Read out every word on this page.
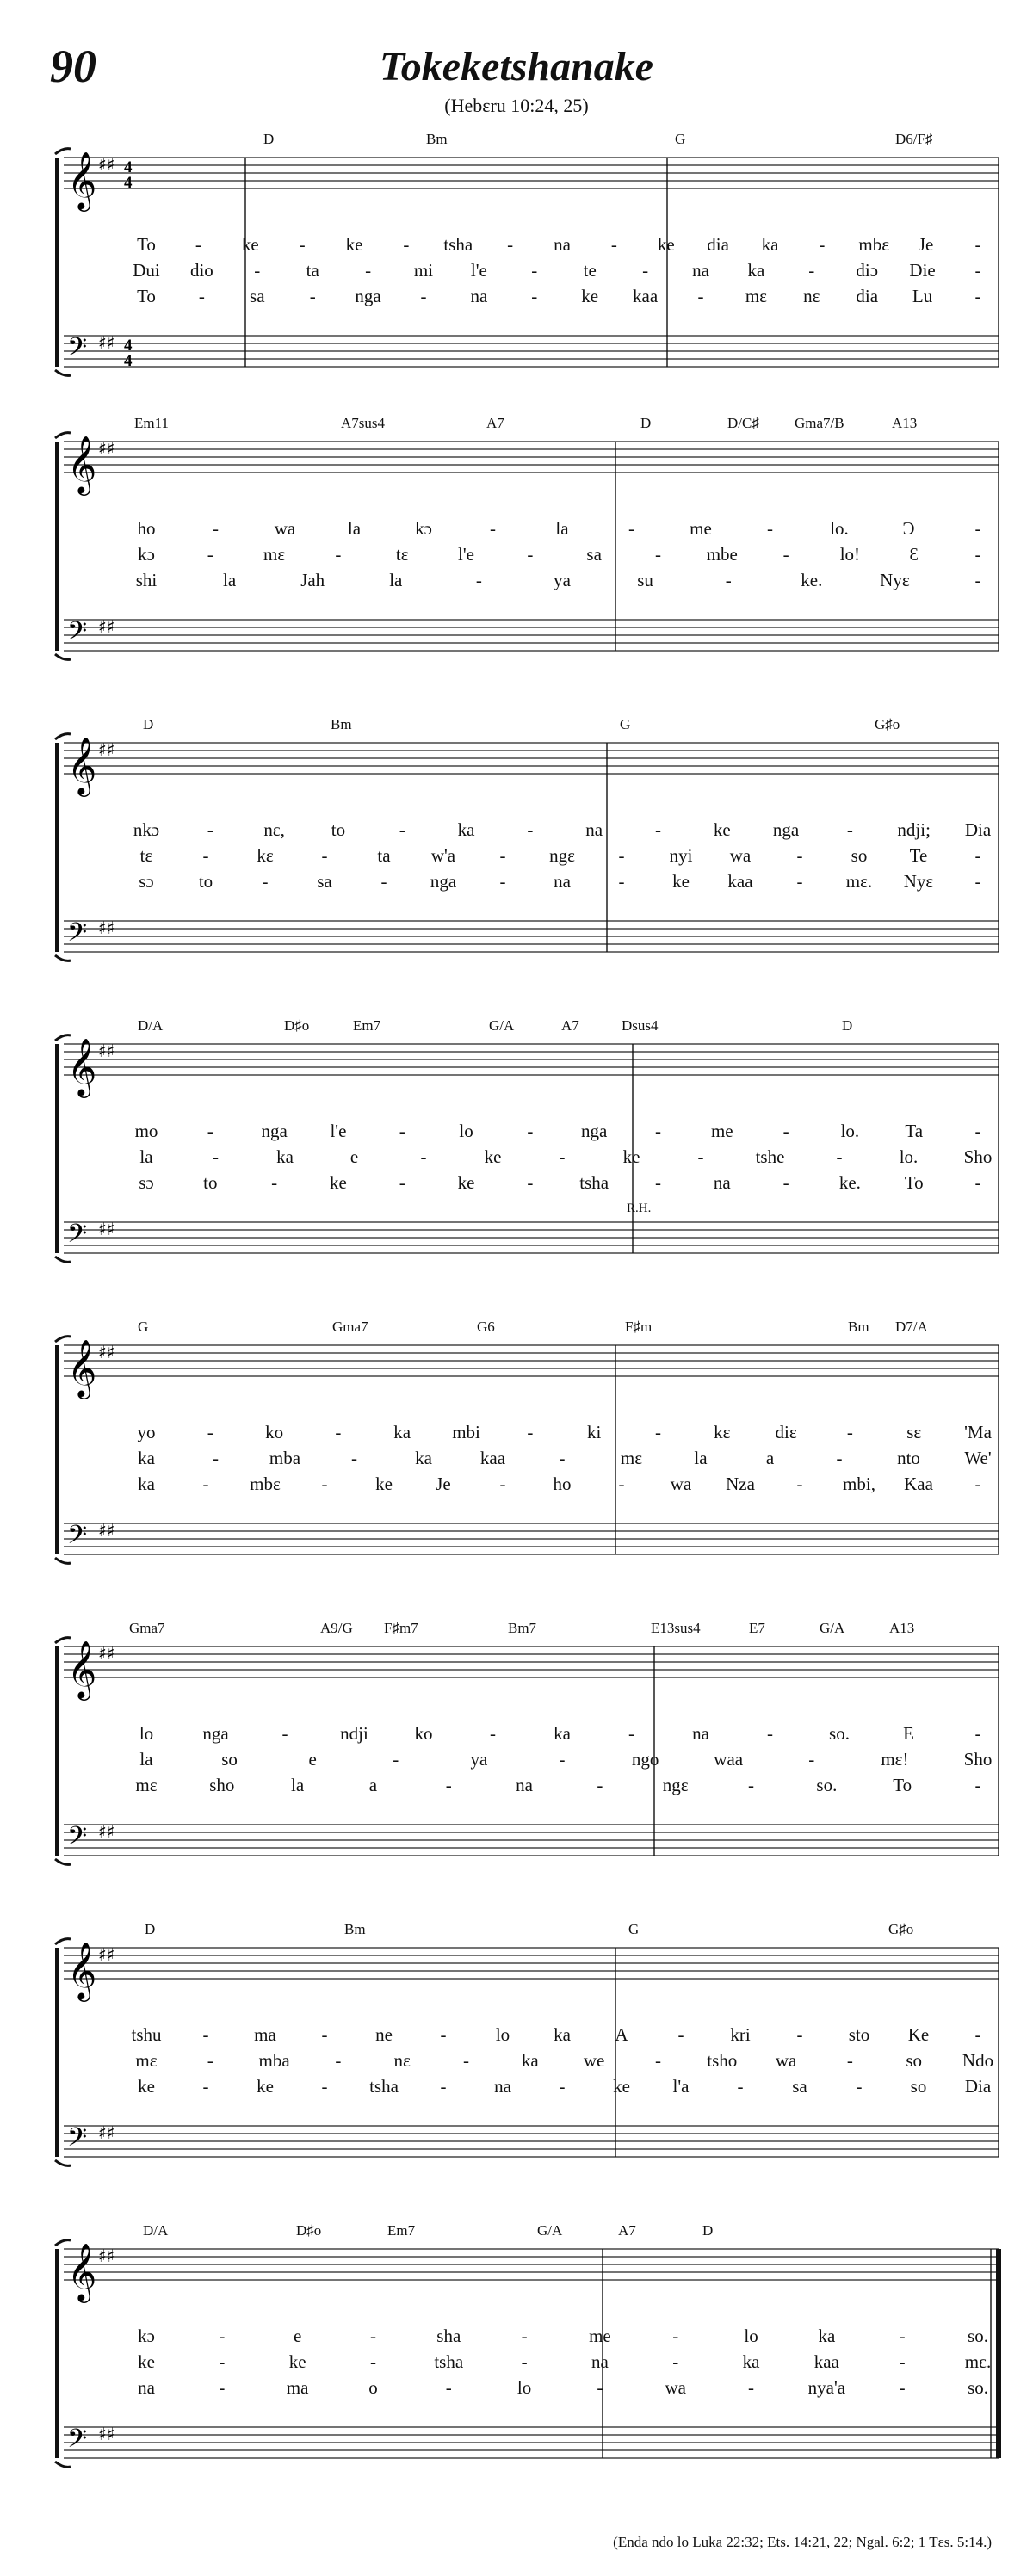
90	Tokeketshanake
(Hebɛru 10:24, 25)
𝄞 ♯♯ 4
4
𝄢 ♯♯ 4
4
D	Bm	G	D6/F♯
To - ke - ke - tsha - na - ke dia ka - mbɛ Je -
Dui dio -	ta	- mi l'e -	te	- na ka - diɔ Die -
To - sa - nga - na - ke kaa - mɛ nɛ dia Lu -
𝄞 ♯♯
𝄢 ♯♯
Em11	A7sus4	A7	D	D/C♯ Gma7/B	A13
ho	-	wa	la	kɔ	-	la	-	me	-	lo.	Ɔ	-
kɔ	-	mɛ	-	tɛ	l'e	-	sa	-	mbe	-	lo!	Ɛ	-
shi	la	Jah	la	-	ya	su	-	ke.	Nyɛ	-
𝄞 ♯♯
𝄢 ♯♯
D	Bm	G	G♯o
nkɔ	-	nɛ,	to	-	ka	-	na	-	ke nga	- ndji; Dia
tɛ	-	kɛ	-	ta w'a - ngɛ - nyi wa	-	so Te	-
sɔ to	-	sa	- nga -	na	-	ke kaa - mɛ. Nyɛ -
𝄞 ♯♯
𝄢 ♯♯
D/A	D♯o	Em7	G/A	A7	Dsus4	D
mo	-	nga l'e	-	lo	-	nga	-	me	-	lo.	Ta	-
la	-	ka	e	-	ke	-	ke	-	tshe	-	lo.	Sho
sɔ	to	-	ke	-	ke	-	tsha	-	na	-	ke. To	-
R.H.
𝄞 ♯♯
𝄢 ♯♯
G	Gma7	G6	F♯m	Bm D7/A
yo	-	ko	-	ka mbi	-	ki	-	kɛ diɛ	-	sɛ 'Ma
ka	-	mba	-	ka	kaa	-	mɛ	la	a	-	nto We'
ka	- mbɛ -	ke Je	-	ho	-	wa Nza - mbi, Kaa -
𝄞 ♯♯
𝄢 ♯♯
Gma7	A9/G F♯m7	Bm7	E13sus4	E7	G/A	A13
lo	nga	-	ndji	ko	-	ka	-	na	-	so.	E	-
la	so	e	-	ya	-	ngo	waa	-	mɛ!	Sho
mɛ	sho	la	a	-	na	-	ngɛ	-	so.	To	-
𝄞 ♯♯
𝄢 ♯♯
D	Bm	G	G♯o
tshu -	ma	-	ne	-	lo ka A	-	kri	-	sto Ke	-
mɛ	-	mba	-	nɛ	-	ka we	-	tsho wa	-	so Ndo
ke	-	ke	- tsha -	na	-	ke l'a	-	sa	-	so Dia
𝄞 ♯♯
𝄢 ♯♯
D/A	D♯o	Em7	G/A	A7	D
kɔ	-	e	-	sha	-	me	-	lo	ka	-	so.
ke	-	ke	-	tsha	-	na	-	ka	kaa	-	mɛ.
na	-	ma	o	-	lo	-	wa	-	nya'a	-	so.
(Enda ndo lo Luka 22:32; Ets. 14:21, 22; Ngal. 6:2; 1 Tɛs. 5:14.)
